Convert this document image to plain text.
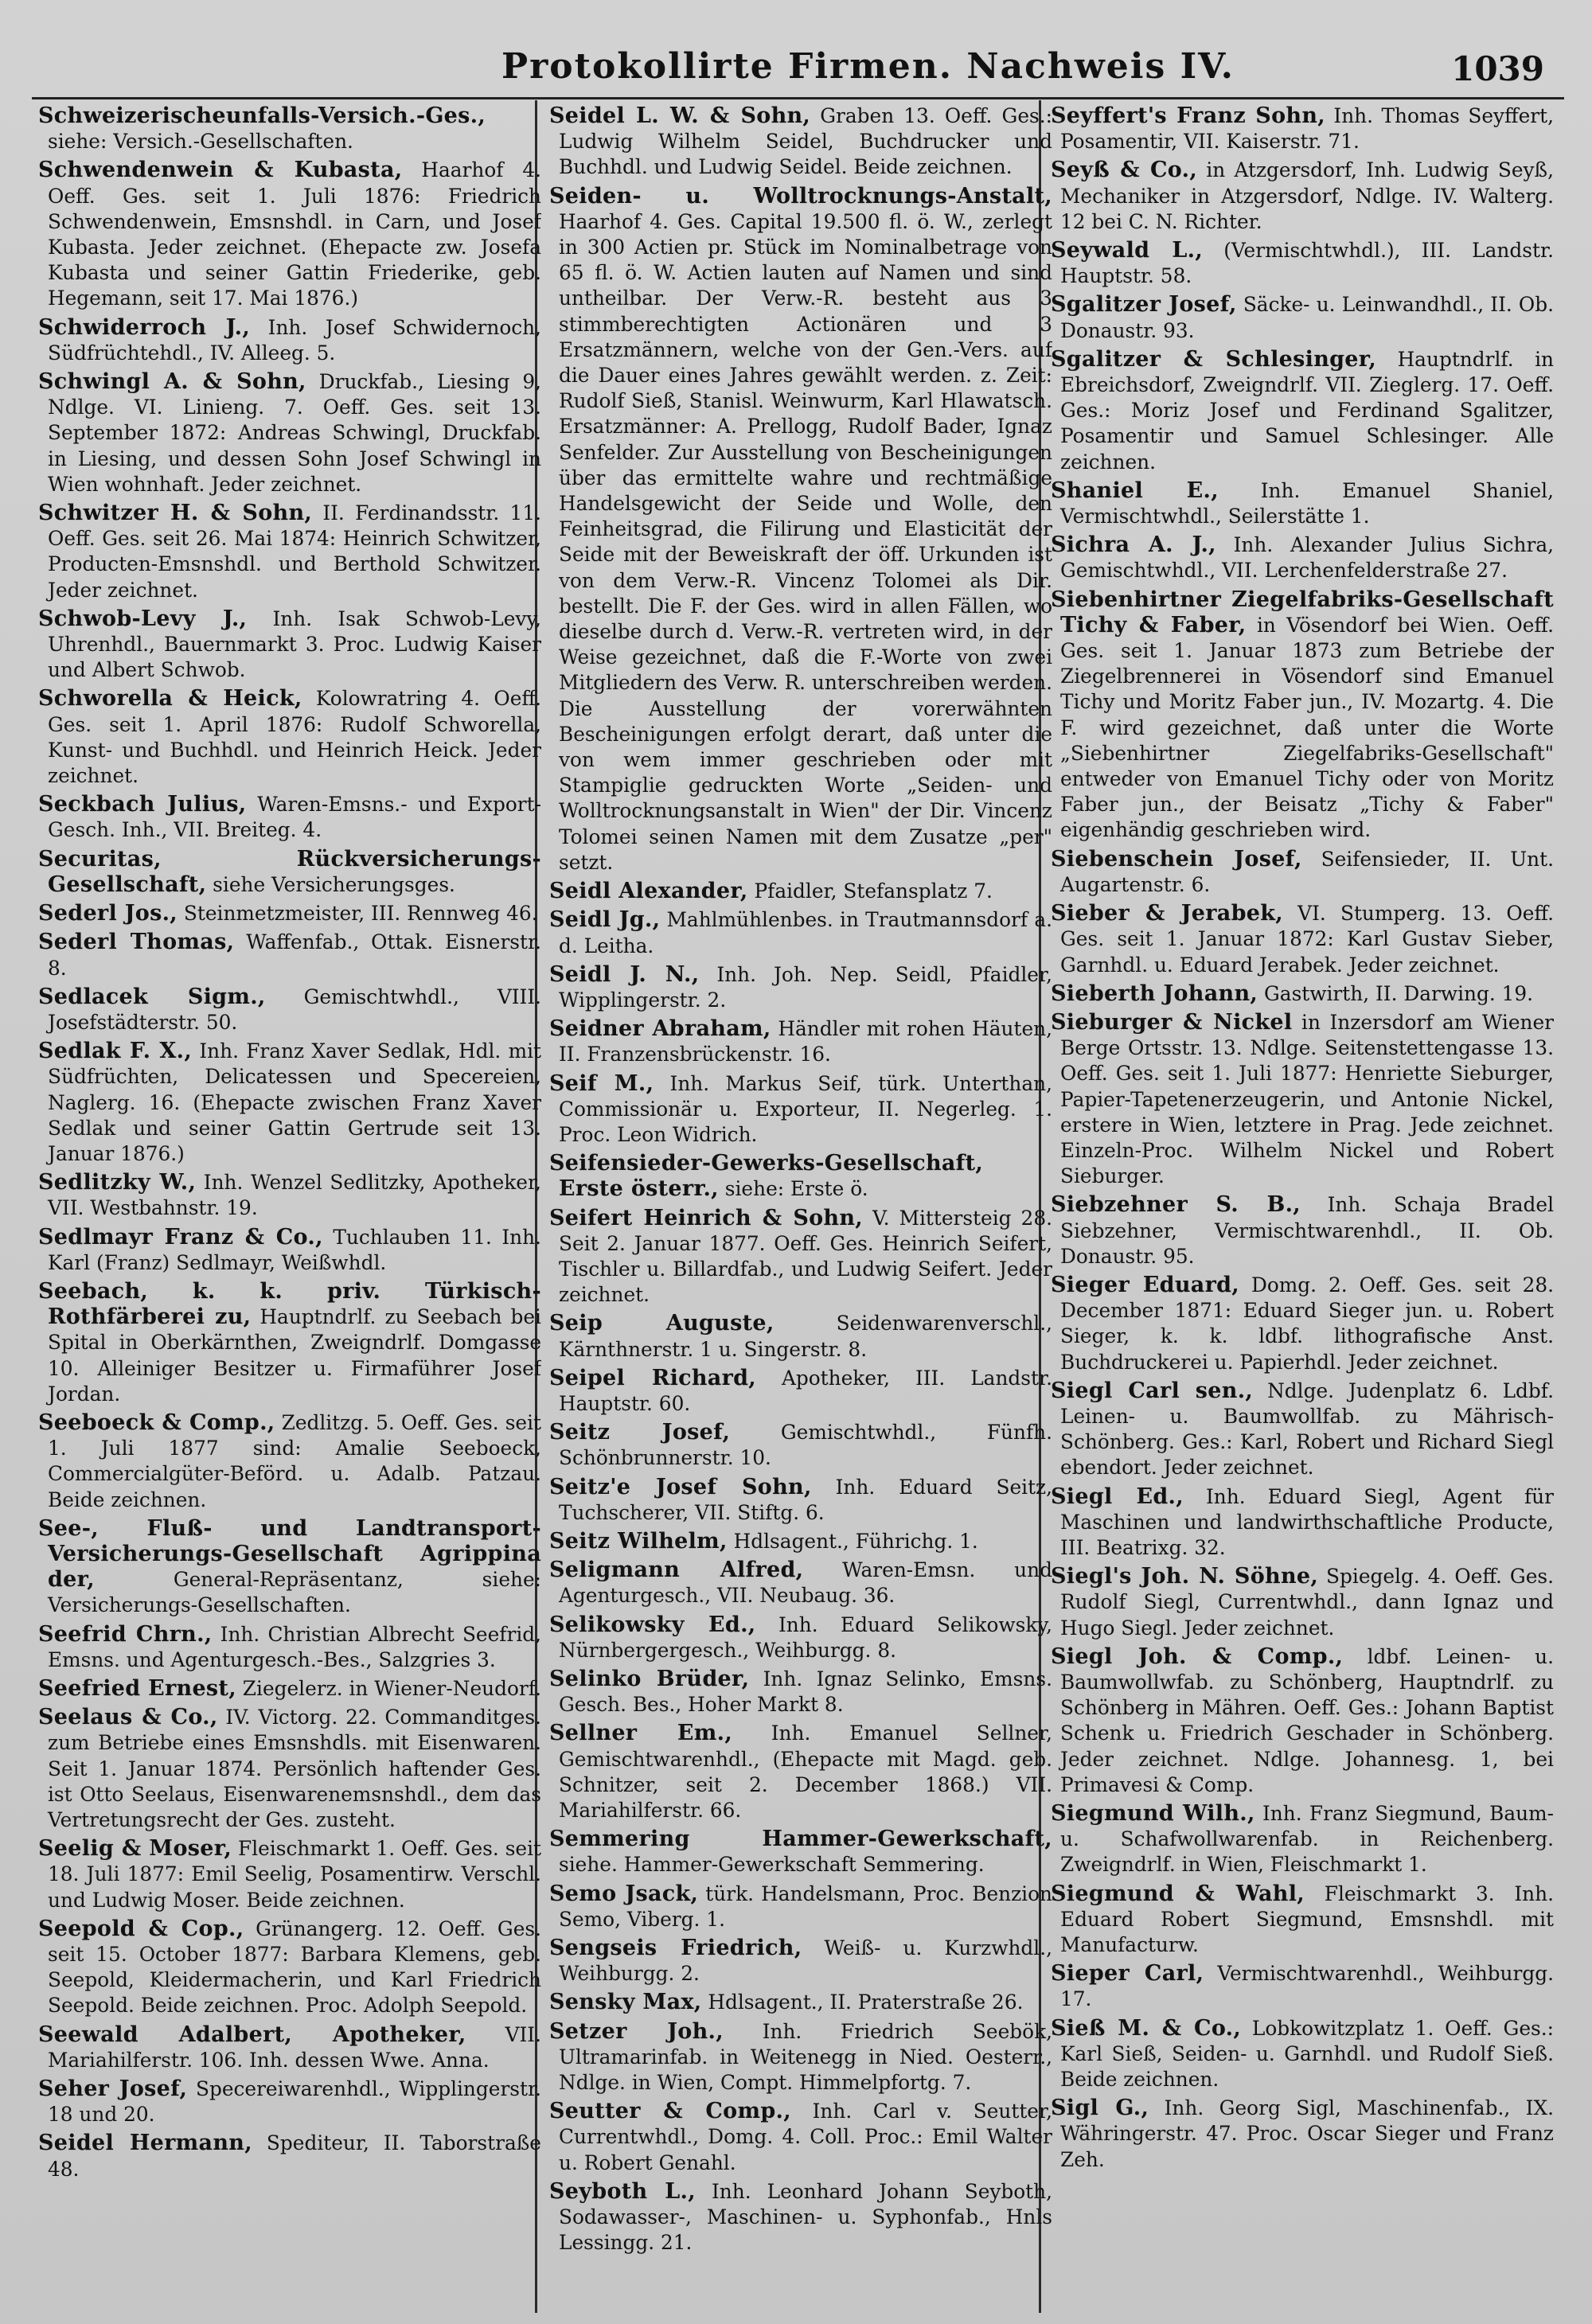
Protokollirte Firmen. Nachweis IV.	1039

Schweizerischeunfalls-Versich.-Ges., siehe: Versich.-Gesellschaften.

Schwendenwein & Kubasta, Haarhof 4. Oeff. Ges. seit 1. Juli 1876: Friedrich Schwendenwein, Emsnshdl. in Carn, und Josef Kubasta. Jeder zeichnet. (Ehepacte zw. Josefa Kubasta und seiner Gattin Friederike, geb. Hegemann, seit 17. Mai 1876.)

Schwiderroch J., Inh. Josef Schwidernoch, Südfrüchtehdl., IV. Alleeg. 5.

Schwingl A. & Sohn, Druckfab., Liesing 9, Ndlge. VI. Linieng. 7. Oeff. Ges. seit 13. September 1872: Andreas Schwingl, Druckfab. in Liesing, und dessen Sohn Josef Schwingl in Wien wohnhaft. Jeder zeichnet.

Schwitzer H. & Sohn, II. Ferdinandsstr. 11. Oeff. Ges. seit 26. Mai 1874: Heinrich Schwitzer, Producten-Emsnshdl. und Berthold Schwitzer. Jeder zeichnet.

Schwob-Levy J., Inh. Isak Schwob-Levy, Uhrenhdl., Bauernmarkt 3. Proc. Ludwig Kaiser und Albert Schwob.

Schworella & Heick, Kolowratring 4. Oeff. Ges. seit 1. April 1876: Rudolf Schworella, Kunst- und Buchhdl. und Heinrich Heick. Jeder zeichnet.

Seckbach Julius, Waren-Emsns.- und Export-Gesch. Inh., VII. Breiteg. 4.

Securitas, Rückversicherungs-Gesellschaft, siehe Versicherungsges.

Sederl Jos., Steinmetzmeister, III. Rennweg 46.

Sederl Thomas, Waffenfab., Ottak. Eisnerstr. 8.

Sedlacek Sigm., Gemischtwhdl., VIII. Josefstädterstr. 50.

Sedlak F. X., Inh. Franz Xaver Sedlak, Hdl. mit Südfrüchten, Delicatessen und Specereien, Naglerg. 16. (Ehepacte zwischen Franz Xaver Sedlak und seiner Gattin Gertrude seit 13. Januar 1876.)

Sedlitzky W., Inh. Wenzel Sedlitzky, Apotheker, VII. Westbahnstr. 19.

Sedlmayr Franz & Co., Tuchlauben 11. Inh. Karl (Franz) Sedlmayr, Weißwhdl.

Seebach, k. k. priv. Türkisch-Rothfärberei zu, Hauptndrlf. zu Seebach bei Spital in Oberkärnthen, Zweigndrlf. Domgasse 10. Alleiniger Besitzer u. Firmaführer Josef Jordan.

Seeboeck & Comp., Zedlitzg. 5. Oeff. Ges. seit 1. Juli 1877 sind: Amalie Seeboeck, Commercialgüter-Beförd. u. Adalb. Patzau. Beide zeichnen.

See-, Fluß- und Landtransport-Versicherungs-Gesellschaft Agrippina der,	General-Repräsentanz, siehe: Versicherungs-Gesellschaften.

Seefrid Chrn., Inh. Christian Albrecht Seefrid, Emsns. und Agenturgesch.-Bes., Salzgries 3.

Seefried Ernest, Ziegelerz. in Wiener-Neudorf.

Seelaus & Co., IV. Victorg. 22. Commanditges. zum Betriebe eines Emsnshdls. mit Eisenwaren. Seit 1. Januar 1874. Persönlich haftender Ges. ist Otto Seelaus, Eisenwarenemsnshdl., dem das Vertretungsrecht der Ges. zusteht.

Seelig & Moser, Fleischmarkt 1. Oeff. Ges. seit 18. Juli 1877: Emil Seelig, Posamentirw. Verschl. und Ludwig Moser. Beide zeichnen.

Seepold & Cop., Grünangerg. 12. Oeff. Ges. seit 15. October 1877: Barbara Klemens, geb. Seepold, Kleidermacherin, und Karl Friedrich Seepold. Beide zeichnen. Proc. Adolph Seepold.

Seewald Adalbert, Apotheker, VII. Mariahilferstr. 106. Inh. dessen Wwe. Anna.

Seher Josef, Specereiwarenhdl., Wipplingerstr. 18 und 20.

Seidel Hermann, Spediteur, II. Taborstraße 48.

Seidel L. W. & Sohn, Graben 13. Oeff. Ges.: Ludwig Wilhelm Seidel, Buchdrucker und Buchhdl. und Ludwig Seidel. Beide zeichnen.

Seiden- u. Wolltrocknungs-Anstalt, Haarhof 4. Ges. Capital 19.500 fl. ö. W., zerlegt in 300 Actien pr. Stück im Nominalbetrage von 65 fl. ö. W. Actien lauten auf Namen und sind untheilbar. Der Verw.-R. besteht aus 3 stimmberechtigten Actionären und 3 Ersatzmännern, welche von der Gen.-Vers. auf die Dauer eines Jahres gewählt werden. z. Zeit: Rudolf Sieß, Stanisl. Weinwurm, Karl Hlawatsch. Ersatzmänner: A. Prellogg, Rudolf Bader, Ignaz Senfelder. Zur Ausstellung von Bescheinigungen über das ermittelte wahre und rechtmäßige Handelsgewicht der Seide und Wolle, den Feinheitsgrad, die Filirung und Elasticität der Seide mit der Beweiskraft der öff. Urkunden ist von dem Verw.-R. Vincenz Tolomei als Dir. bestellt. Die F. der Ges. wird in allen Fällen, wo dieselbe durch d. Verw.-R. vertreten wird, in der Weise gezeichnet, daß die F.-Worte von zwei Mitgliedern des Verw. R. unterschreiben werden. Die Ausstellung der vorerwähnten Bescheinigungen erfolgt derart, daß unter die von wem immer geschrieben oder mit Stampiglie gedruckten Worte „Seiden- und Wolltrocknungsanstalt in Wien" der Dir. Vincenz Tolomei seinen Namen mit dem Zusatze „per" setzt.

Seidl Alexander, Pfaidler, Stefansplatz 7.

Seidl Jg., Mahlmühlenbes. in Trautmannsdorf a. d. Leitha.

Seidl J. N., Inh. Joh. Nep. Seidl, Pfaidler, Wipplingerstr. 2.

Seidner Abraham, Händler mit rohen Häuten, II. Franzensbrückenstr. 16.

Seif M., Inh. Markus Seif, türk. Unterthan, Commissionär u. Exporteur, II. Negerleg. 1. Proc. Leon Widrich.

Seifensieder-Gewerks-Gesellschaft, Erste österr., siehe: Erste ö.

Seifert Heinrich & Sohn, V. Mittersteig 28. Seit 2. Januar 1877. Oeff. Ges. Heinrich Seifert, Tischler u. Billardfab., und Ludwig Seifert. Jeder zeichnet.

Seip Auguste,	Seidenwarenverschl., Kärnthnerstr. 1 u. Singerstr. 8.

Seipel Richard, Apotheker, III. Landstr. Hauptstr. 60.

Seitz Josef,	Gemischtwhdl., Fünfh. Schönbrunnerstr. 10.

Seitz'e Josef Sohn, Inh. Eduard Seitz, Tuchscherer, VII. Stiftg. 6.

Seitz Wilhelm, Hdlsagent., Führichg. 1.

Seligmann Alfred, Waren-Emsn. und Agenturgesch., VII. Neubaug. 36.

Selikowsky Ed., Inh. Eduard Selikowsky, Nürnbergergesch., Weihburgg. 8.

Selinko Brüder, Inh. Ignaz Selinko, Emsns. Gesch. Bes., Hoher Markt 8.

Sellner Em., Inh. Emanuel Sellner, Gemischtwarenhdl., (Ehepacte mit Magd. geb. Schnitzer, seit 2. December 1868.) VII. Mariahilferstr. 66.

Semmering Hammer-Gewerkschaft, siehe. Hammer-Gewerkschaft Semmering.

Semo Jsack, türk. Handelsmann, Proc. Benzion Semo, Viberg. 1.

Sengseis Friedrich, Weiß- u. Kurzwhdl., Weihburgg. 2.

Sensky Max, Hdlsagent., II. Praterstraße 26.

Setzer Joh., Inh. Friedrich Seebök, Ultramarinfab. in Weitenegg in Nied. Oesterr., Ndlge. in Wien, Compt. Himmelpfortg. 7.

Seutter & Comp., Inh. Carl v. Seutter, Currentwhdl., Domg. 4. Coll. Proc.: Emil Walter u. Robert Genahl.

Seyboth L., Inh. Leonhard Johann Seyboth, Sodawasser-, Maschinen- u. Syphonfab., Hnls Lessingg. 21.

Seyffert's Franz Sohn, Inh. Thomas Seyffert, Posamentir, VII. Kaiserstr. 71.

Seyß & Co., in Atzgersdorf, Inh. Ludwig Seyß, Mechaniker in Atzgersdorf, Ndlge. IV. Walterg. 12 bei C. N. Richter.

Seywald L., (Vermischtwhdl.), III. Landstr. Hauptstr. 58.

Sgalitzer Josef, Säcke- u. Leinwandhdl., II. Ob. Donaustr. 93.

Sgalitzer & Schlesinger, Hauptndrlf. in Ebreichsdorf, Zweigndrlf. VII. Zieglerg. 17. Oeff. Ges.: Moriz Josef und Ferdinand Sgalitzer, Posamentir und Samuel Schlesinger. Alle zeichnen.

Shaniel E., Inh. Emanuel Shaniel, Vermischtwhdl., Seilerstätte 1.

Sichra A. J., Inh. Alexander Julius Sichra, Gemischtwhdl., VII. Lerchenfelderstraße 27.

Siebenhirtner Ziegelfabriks-Gesellschaft Tichy & Faber, in Vösendorf bei Wien. Oeff. Ges. seit 1. Januar 1873 zum Betriebe der Ziegelbrennerei in Vösendorf sind Emanuel Tichy und Moritz Faber jun., IV. Mozartg. 4. Die F. wird gezeichnet, daß unter die Worte „Siebenhirtner Ziegelfabriks-Gesellschaft" entweder von Emanuel Tichy oder von Moritz Faber jun., der Beisatz „Tichy & Faber" eigenhändig geschrieben wird.

Siebenschein Josef, Seifensieder, II. Unt. Augartenstr. 6.

Sieber & Jerabek, VI. Stumperg. 13. Oeff. Ges. seit 1. Januar 1872: Karl Gustav Sieber, Garnhdl. u. Eduard Jerabek. Jeder zeichnet.

Sieberth Johann, Gastwirth, II. Darwing. 19.

Sieburger & Nickel in Inzersdorf am Wiener Berge Ortsstr. 13. Ndlge. Seitenstettengasse 13. Oeff. Ges. seit 1. Juli 1877: Henriette Sieburger, Papier-Tapetenerzeugerin, und Antonie Nickel, erstere in Wien, letztere in Prag. Jede zeichnet. Einzeln-Proc. Wilhelm Nickel und Robert Sieburger.

Siebzehner S. B., Inh. Schaja Bradel Siebzehner, Vermischtwarenhdl., II. Ob. Donaustr. 95.

Sieger Eduard, Domg. 2. Oeff. Ges. seit 28. December 1871: Eduard Sieger jun. u. Robert Sieger, k. k. ldbf. lithografische Anst. Buchdruckerei u. Papierhdl. Jeder zeichnet.

Siegl Carl sen., Ndlge. Judenplatz 6. Ldbf. Leinen- u. Baumwollfab. zu Mährisch-Schönberg. Ges.: Karl, Robert und Richard Siegl ebendort. Jeder zeichnet.

Siegl Ed., Inh. Eduard Siegl, Agent für Maschinen und landwirthschaftliche Producte, III. Beatrixg. 32.

Siegl's Joh. N. Söhne, Spiegelg. 4. Oeff. Ges. Rudolf Siegl, Currentwhdl., dann Ignaz und Hugo Siegl. Jeder zeichnet.

Siegl Joh. & Comp., ldbf. Leinen- u. Baumwollwfab. zu Schönberg, Hauptndrlf. zu Schönberg in Mähren. Oeff. Ges.: Johann Baptist Schenk u. Friedrich Geschader in Schönberg. Jeder zeichnet. Ndlge. Johannesg. 1, bei Primavesi & Comp.

Siegmund Wilh., Inh. Franz Siegmund, Baum- u. Schafwollwarenfab. in Reichenberg. Zweigndrlf. in Wien, Fleischmarkt 1.

Siegmund & Wahl, Fleischmarkt 3. Inh. Eduard Robert Siegmund, Emsnshdl. mit Manufacturw.

Sieper Carl, Vermischtwarenhdl., Weihburgg. 17.

Sieß M. & Co., Lobkowitzplatz 1. Oeff. Ges.: Karl Sieß, Seiden- u. Garnhdl. und Rudolf Sieß. Beide zeichnen.

Sigl G., Inh. Georg Sigl, Maschinenfab., IX. Währingerstr. 47. Proc. Oscar Sieger und Franz Zeh.
